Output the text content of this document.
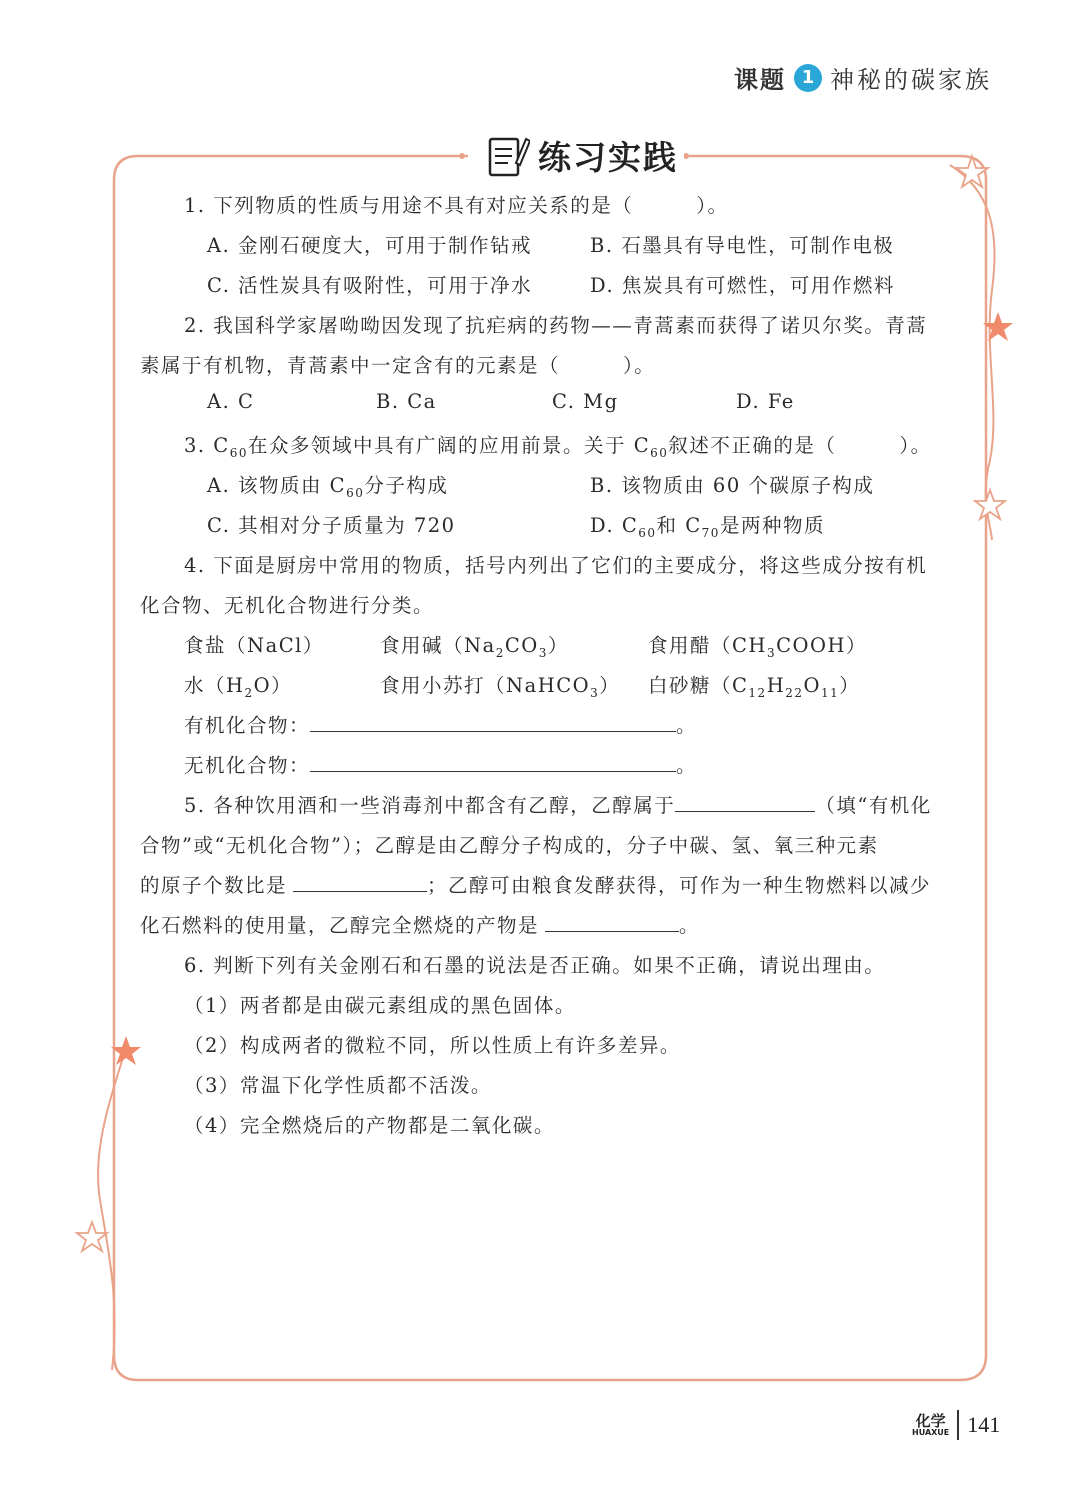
课题 1 神秘的碳家族
练习实践
1. 下列物质的性质与用途不具有对应关系的是（　　　）。
A. 金刚石硬度大，可用于制作钻戒	B. 石墨具有导电性，可制作电极
C. 活性炭具有吸附性，可用于净水	D. 焦炭具有可燃性，可用作燃料
2. 我国科学家屠呦呦因发现了抗疟病的药物——青蒿素而获得了诺贝尔奖。青蒿
素属于有机物，青蒿素中一定含有的元素是（　　　）。
A. C	B. Ca	C. Mg	D. Fe
3. $C_{60}$在众多领域中具有广阔的应用前景。关于 $C_{60}$叙述不正确的是（　　　）。
A. 该物质由 $C_{60}$分子构成	B. 该物质由 60 个碳原子构成
C. 其相对分子质量为 720	D. $C_{60}$和 $C_{70}$是两种物质
4. 下面是厨房中常用的物质，括号内列出了它们的主要成分，将这些成分按有机
化合物、无机化合物进行分类。
食盐（NaCl）	食用碱$(Na_2CO_3)$	食用醋$(CH_3COOH)$
水$(H_2O)$	食用小苏打（NaHCO$_3$） 白砂糖$(C_{12}H_{22}O_{11})$
有机化合物：	。
无机化合物：	。
5. 各种饮用酒和一些消毒剂中都含有乙醇，乙醇属于	（填“有机化
合物”或“无机化合物”）；乙醇是由乙醇分子构成的，分子中碳、氢、氧三种元素
的原子个数比是	；乙醇可由粮食发酵获得，可作为一种生物燃料以减少
化石燃料的使用量，乙醇完全燃烧的产物是	。
6. 判断下列有关金刚石和石墨的说法是否正确。如果不正确，请说出理由。
（1）两者都是由碳元素组成的黑色固体。
（2）构成两者的微粒不同，所以性质上有许多差异。
（3）常温下化学性质都不活泼。
（4）完全燃烧后的产物都是二氧化碳。
化学
HUAXUE 141
